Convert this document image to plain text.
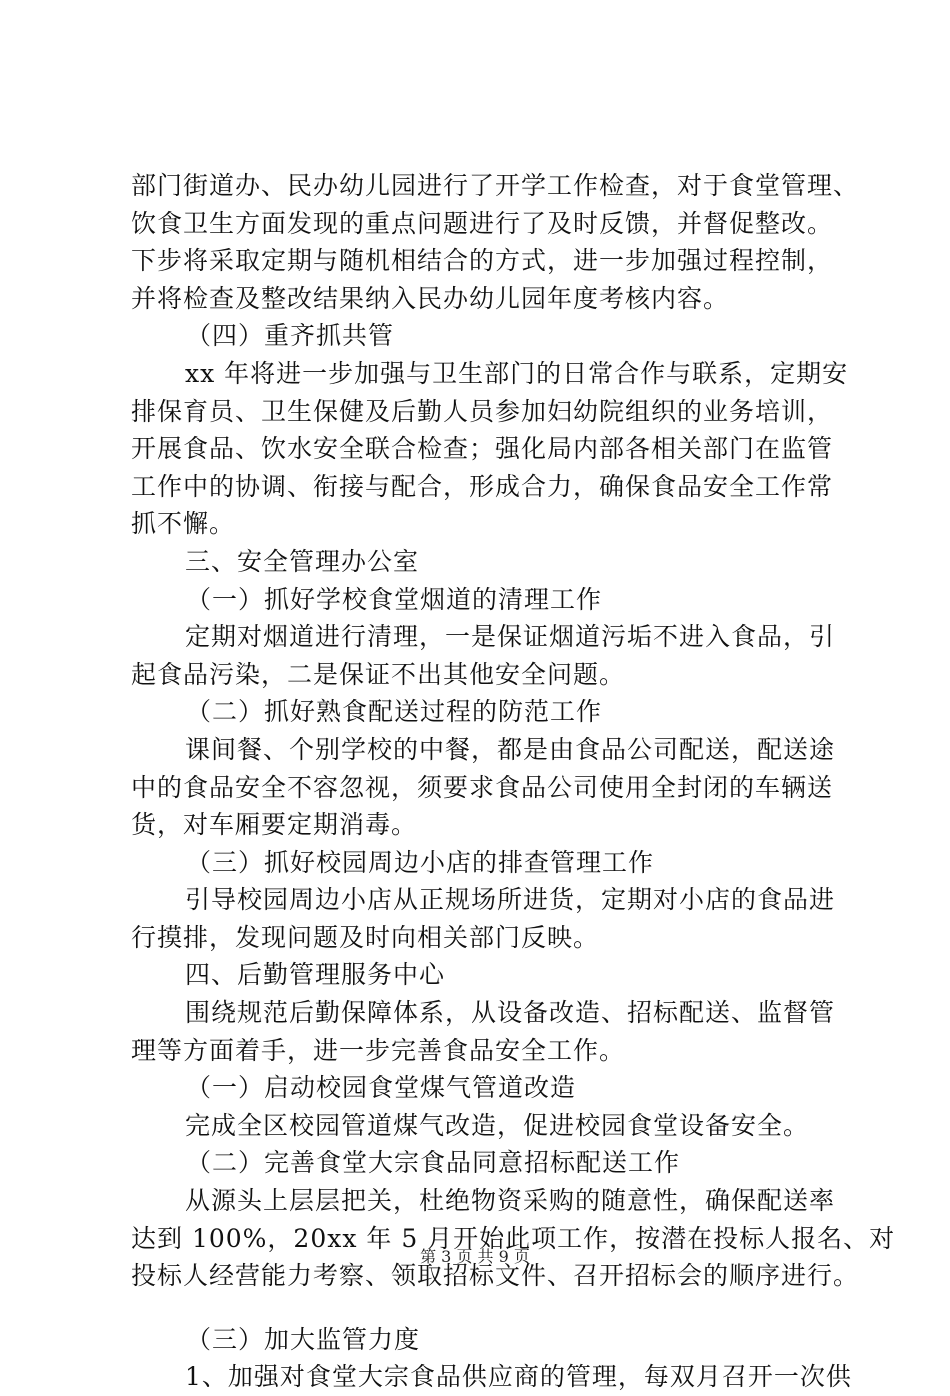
部门街道办、民办幼儿园进行了开学工作检查，对于食堂管理、
饮食卫生方面发现的重点问题进行了及时反馈，并督促整改。
下步将采取定期与随机相结合的方式，进一步加强过程控制，
并将检查及整改结果纳入民办幼儿园年度考核内容。
（四）重齐抓共管
xx 年将进一步加强与卫生部门的日常合作与联系，定期安
排保育员、卫生保健及后勤人员参加妇幼院组织的业务培训，
开展食品、饮水安全联合检查；强化局内部各相关部门在监管
工作中的协调、衔接与配合，形成合力，确保食品安全工作常
抓不懈。
三、安全管理办公室
（一）抓好学校食堂烟道的清理工作
定期对烟道进行清理，一是保证烟道污垢不进入食品，引
起食品污染，二是保证不出其他安全问题。
（二）抓好熟食配送过程的防范工作
课间餐、个别学校的中餐，都是由食品公司配送，配送途
中的食品安全不容忽视，须要求食品公司使用全封闭的车辆送
货，对车厢要定期消毒。
（三）抓好校园周边小店的排查管理工作
引导校园周边小店从正规场所进货，定期对小店的食品进
行摸排，发现问题及时向相关部门反映。
四、后勤管理服务中心
围绕规范后勤保障体系，从设备改造、招标配送、监督管
理等方面着手，进一步完善食品安全工作。
（一）启动校园食堂煤气管道改造
完成全区校园管道煤气改造，促进校园食堂设备安全。
（二）完善食堂大宗食品同意招标配送工作
从源头上层层把关，杜绝物资采购的随意性，确保配送率
达到 100%，20xx 年 5 月开始此项工作，按潜在投标人报名、对
投标人经营能力考察、领取招标文件、召开招标会的顺序进行。
（三）加大监管力度
1、加强对食堂大宗食品供应商的管理，每双月召开一次供
第 3 页 共 9 页
